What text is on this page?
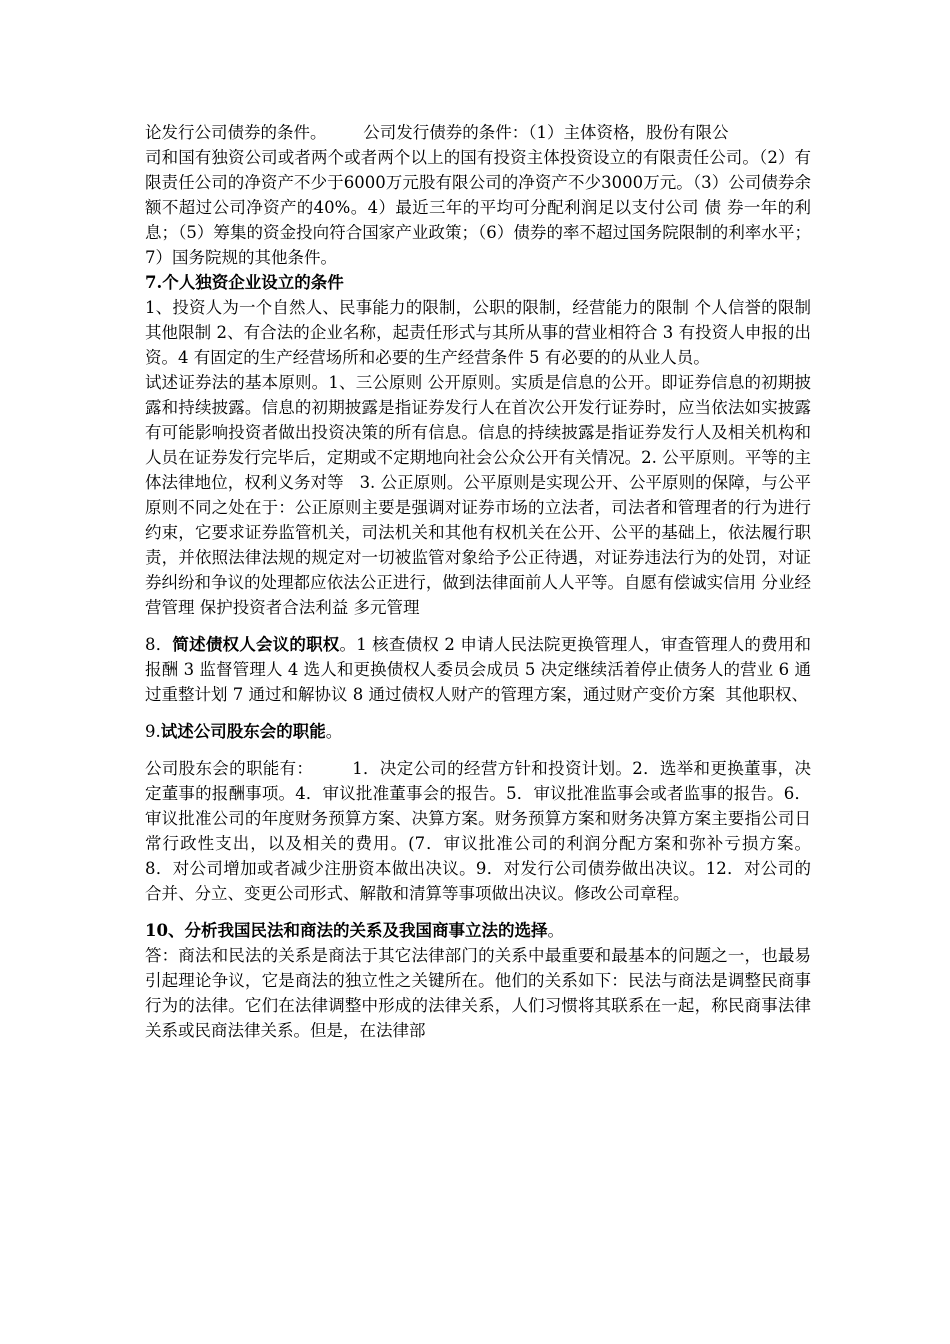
论发行公司债券的条件。       公司发行债券的条件：（1）主体资格，股份有限公
司和国有独资公司或者两个或者两个以上的国有投资主体投资设立的有限责任公司。（2）有限责任公司的净资产不少于6000万元股有限公司的净资产不少3000万元。（3）公司债券余额不超过公司净资产的40%。4）最近三年的平均可分配利润足以支付公司 债 券一年的利息；（5）筹集的资金投向符合国家产业政策；（6）债券的率不超过国务院限制的利率水平；7）国务院规的其他条件。

7.个人独资企业设立的条件

1、投资人为一个自然人、民事能力的限制，公职的限制，经营能力的限制 个人信誉的限制 其他限制 2、有合法的企业名称，起责任形式与其所从事的营业相符合 3 有投资人申报的出资。4 有固定的生产经营场所和必要的生产经营条件 5 有必要的的从业人员。

试述证券法的基本原则。1、三公原则 公开原则。实质是信息的公开。即证券信息的初期披露和持续披露。信息的初期披露是指证券发行人在首次公开发行证券时，应当依法如实披露有可能影响投资者做出投资决策的所有信息。信息的持续披露是指证券发行人及相关机构和人员在证券发行完毕后，定期或不定期地向社会公众公开有关情况。2. 公平原则。平等的主体法律地位，权利义务对等   3. 公正原则。公平原则是实现公开、公平原则的保障，与公平原则不同之处在于：公正原则主要是强调对证券市场的立法者，司法者和管理者的行为进行约束，它要求证券监管机关，司法机关和其他有权机关在公开、公平的基础上，依法履行职责，并依照法律法规的规定对一切被监管对象给予公正待遇，对证券违法行为的处罚，对证券纠纷和争议的处理都应依法公正进行，做到法律面前人人平等。自愿有偿诚实信用 分业经营管理 保护投资者合法利益 多元管理

8．简述债权人会议的职权。1 核查债权 2 申请人民法院更换管理人，审查管理人的费用和报酬 3 监督管理人 4 选人和更换债权人委员会成员 5 决定继续活着停止债务人的营业 6 通过重整计划 7 通过和解协议 8 通过债权人财产的管理方案，通过财产变价方案  其他职权、

9.试述公司股东会的职能。

公司股东会的职能有：       1．决定公司的经营方针和投资计划。2．选举和更换董事，决定董事的报酬事项。4．审议批准董事会的报告。5．审议批准监事会或者监事的报告。6．审议批准公司的年度财务预算方案、决算方案。财务预算方案和财务决算方案主要指公司日常行政性支出，以及相关的费用。(7．审议批准公司的利润分配方案和弥补亏损方案。    8．对公司增加或者减少注册资本做出决议。9．对发行公司债券做出决议。12．对公司的合并、分立、变更公司形式、解散和清算等事项做出决议。修改公司章程。

10、分析我国民法和商法的关系及我国商事立法的选择。

答：商法和民法的关系是商法于其它法律部门的关系中最重要和最基本的问题之一，也最易引起理论争议，它是商法的独立性之关键所在。他们的关系如下：民法与商法是调整民商事行为的法律。它们在法律调整中形成的法律关系，人们习惯将其联系在一起，称民商事法律关系或民商法律关系。但是，在法律部
